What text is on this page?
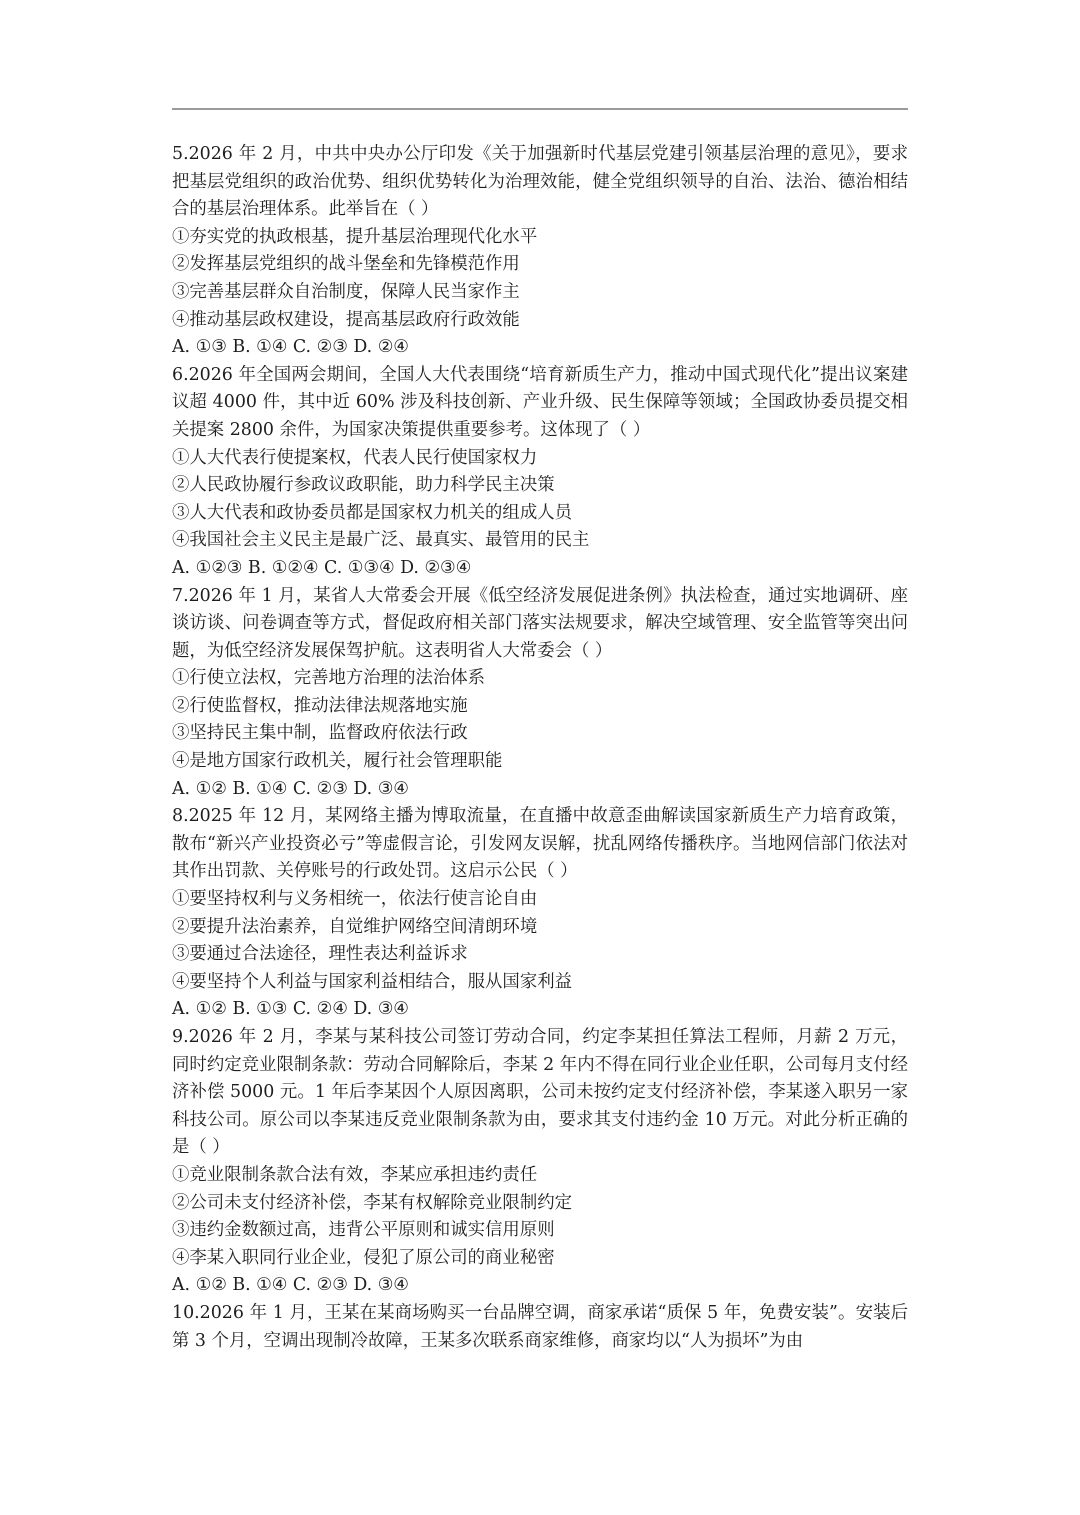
5.2026 年 2 月，中共中央办公厅印发《关于加强新时代基层党建引领基层治理的意见》，要求把基层党组织的政治优势、组织优势转化为治理效能，健全党组织领导的自治、法治、德治相结合的基层治理体系。此举旨在（ ）
①夯实党的执政根基，提升基层治理现代化水平
②发挥基层党组织的战斗堡垒和先锋模范作用
③完善基层群众自治制度，保障人民当家作主
④推动基层政权建设，提高基层政府行政效能
A. ①③ B. ①④ C. ②③ D. ②④
6.2026 年全国两会期间，全国人大代表围绕“培育新质生产力，推动中国式现代化”提出议案建议超 4000 件，其中近 60% 涉及科技创新、产业升级、民生保障等领域；全国政协委员提交相关提案 2800 余件，为国家决策提供重要参考。这体现了（ ）
①人大代表行使提案权，代表人民行使国家权力
②人民政协履行参政议政职能，助力科学民主决策
③人大代表和政协委员都是国家权力机关的组成人员
④我国社会主义民主是最广泛、最真实、最管用的民主
A. ①②③ B. ①②④ C. ①③④ D. ②③④
7.2026 年 1 月，某省人大常委会开展《低空经济发展促进条例》执法检查，通过实地调研、座谈访谈、问卷调查等方式，督促政府相关部门落实法规要求，解决空域管理、安全监管等突出问题，为低空经济发展保驾护航。这表明省人大常委会（ ）
①行使立法权，完善地方治理的法治体系
②行使监督权，推动法律法规落地实施
③坚持民主集中制，监督政府依法行政
④是地方国家行政机关，履行社会管理职能
A. ①② B. ①④ C. ②③ D. ③④
8.2025 年 12 月，某网络主播为博取流量，在直播中故意歪曲解读国家新质生产力培育政策，散布“新兴产业投资必亏”等虚假言论，引发网友误解，扰乱网络传播秩序。当地网信部门依法对其作出罚款、关停账号的行政处罚。这启示公民（ ）
①要坚持权利与义务相统一，依法行使言论自由
②要提升法治素养，自觉维护网络空间清朗环境
③要通过合法途径，理性表达利益诉求
④要坚持个人利益与国家利益相结合，服从国家利益
A. ①② B. ①③ C. ②④ D. ③④
9.2026 年 2 月，李某与某科技公司签订劳动合同，约定李某担任算法工程师，月薪 2 万元，同时约定竞业限制条款：劳动合同解除后，李某 2 年内不得在同行业企业任职，公司每月支付经济补偿 5000 元。1 年后李某因个人原因离职，公司未按约定支付经济补偿，李某遂入职另一家科技公司。原公司以李某违反竞业限制条款为由，要求其支付违约金 10 万元。对此分析正确的是（ ）
①竞业限制条款合法有效，李某应承担违约责任
②公司未支付经济补偿，李某有权解除竞业限制约定
③违约金数额过高，违背公平原则和诚实信用原则
④李某入职同行业企业，侵犯了原公司的商业秘密
A. ①② B. ①④ C. ②③ D. ③④
10.2026 年 1 月，王某在某商场购买一台品牌空调，商家承诺“质保 5 年，免费安装”。安装后第 3 个月，空调出现制冷故障，王某多次联系商家维修，商家均以“人为损坏”为由
